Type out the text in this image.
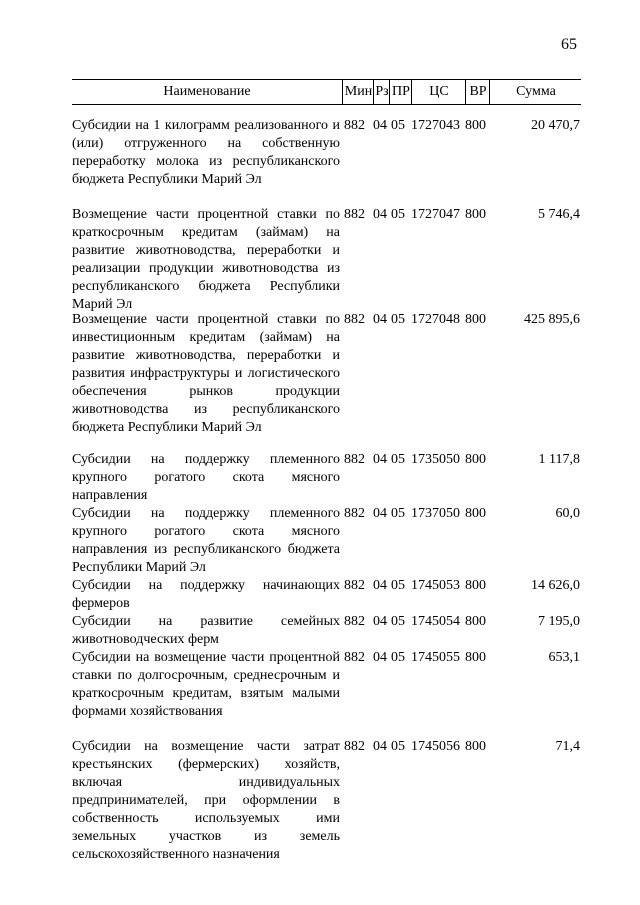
65
Наименование	Мин Рз ПР	ЦС	ВР	Сумма
Субсидии на 1 килограмм реализованного и (или) отгруженного на собственную переработку молока из республиканского бюджета Республики Марий Эл
882 04 05 1727043 800	20 470,7
Возмещение части процентной ставки по краткосрочным кредитам (займам) на развитие животноводства, переработки и реализации продукции животноводства из республиканского бюджета Республики Марий Эл
882 04 05 1727047 800	5 746,4
Возмещение части процентной ставки по инвестиционным кредитам (займам) на развитие животноводства, переработки и развития инфраструктуры и логистического обеспечения рынков продукции животноводства из республиканского бюджета Республики Марий Эл
882 04 05 1727048 800	425 895,6
Субсидии на поддержку племенного крупного рогатого скота мясного направления
882 04 05 1735050 800	1 117,8
Субсидии на поддержку племенного крупного рогатого скота мясного направления из республиканского бюджета Республики Марий Эл
882 04 05 1737050 800	60,0
Субсидии на поддержку начинающих фермеров
882 04 05 1745053 800	14 626,0
Субсидии на развитие семейных животноводческих ферм
882 04 05 1745054 800	7 195,0
Субсидии на возмещение части процентной ставки по долгосрочным, среднесрочным и краткосрочным кредитам, взятым малыми формами хозяйствования
882 04 05 1745055 800	653,1
Субсидии на возмещение части затрат крестьянских (фермерских) хозяйств, включая индивидуальных предпринимателей, при оформлении в собственность используемых ими земельных участков из земель сельскохозяйственного назначения
882 04 05 1745056 800	71,4
